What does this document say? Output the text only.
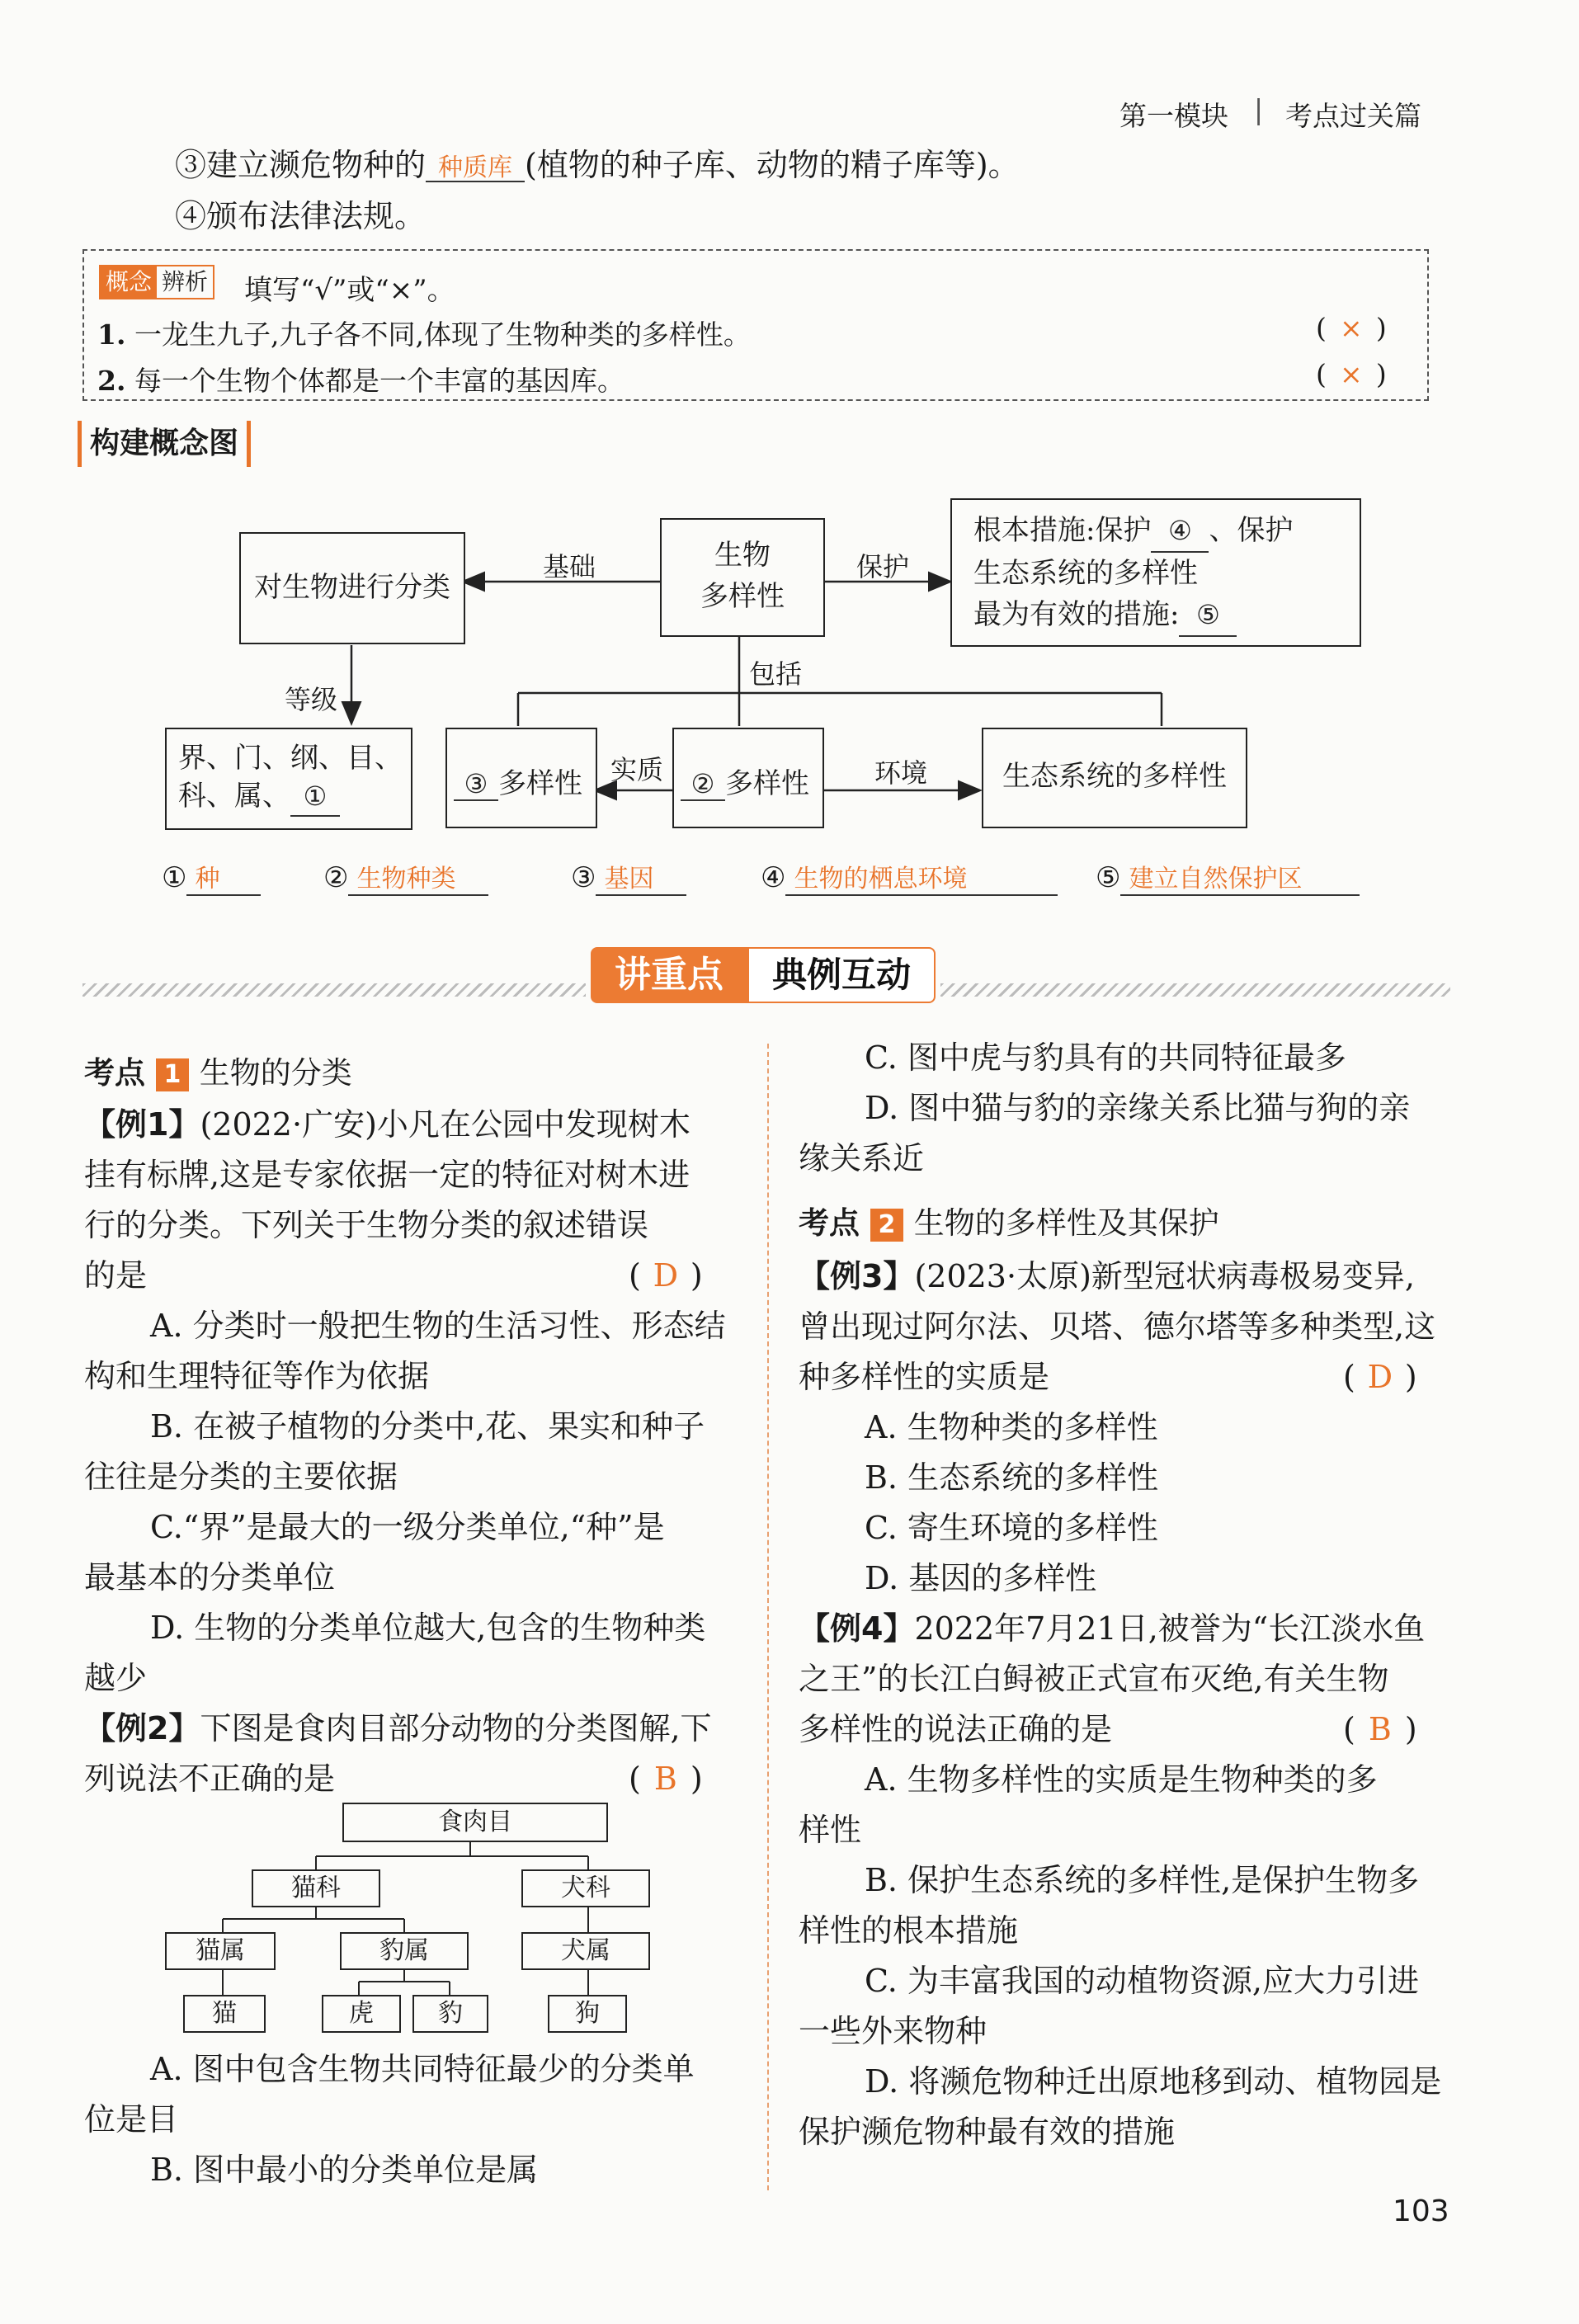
第一模块 | 考点过关篇
③建立濒危物种的 种质库 (植物的种子库、动物的精子库等)。
④颁布法律法规。
概念 辨析 填写“√”或“×”。
1. 一龙生九子,九子各不同,体现了生物种类的多样性。	( × )
2. 每一个生物个体都是一个丰富的基因库。	( × )
构建概念图
对生物进行分类
生物
多样性
根本措施:保护 ④ 、保护
生态系统的多样性
最为有效的措施: ⑤
基础	保护
包括
等级
界、门、纲、目、
科、属、 ①	③ 多样性	实质	② 多样性	环境	生态系统的多样性
① 种	② 生物种类	③ 基因	④ 生物的栖息环境	⑤ 建立自然保护区
讲重点	典例互动
考点 1 生物的分类
【例1】(2022·广安)小凡在公园中发现树木
挂有标牌,这是专家依据一定的特征对树木进
行的分类。下列关于生物分类的叙述错误
的是	( D )
A. 分类时一般把生物的生活习性、形态结
构和生理特征等作为依据
B. 在被子植物的分类中,花、果实和种子
往往是分类的主要依据
C.“界”是最大的一级分类单位,“种”是
最基本的分类单位
D. 生物的分类单位越大,包含的生物种类
越少
【例2】下图是食肉目部分动物的分类图解,下
列说法不正确的是	( B )
食肉目
猫科	犬科
猫属	豹属	犬属
猫	虎	豹	狗
A. 图中包含生物共同特征最少的分类单
位是目
B. 图中最小的分类单位是属
C. 图中虎与豹具有的共同特征最多
D. 图中猫与豹的亲缘关系比猫与狗的亲
缘关系近
考点 2 生物的多样性及其保护
【例3】(2023·太原)新型冠状病毒极易变异,
曾出现过阿尔法、贝塔、德尔塔等多种类型,这
种多样性的实质是	( D )
A. 生物种类的多样性
B. 生态系统的多样性
C. 寄生环境的多样性
D. 基因的多样性
【例4】2022年7月21日,被誉为“长江淡水鱼
之王”的长江白鲟被正式宣布灭绝,有关生物
多样性的说法正确的是	( B )
A. 生物多样性的实质是生物种类的多
样性
B. 保护生态系统的多样性,是保护生物多
样性的根本措施
C. 为丰富我国的动植物资源,应大力引进
一些外来物种
D. 将濒危物种迁出原地移到动、植物园是
保护濒危物种最有效的措施
103
